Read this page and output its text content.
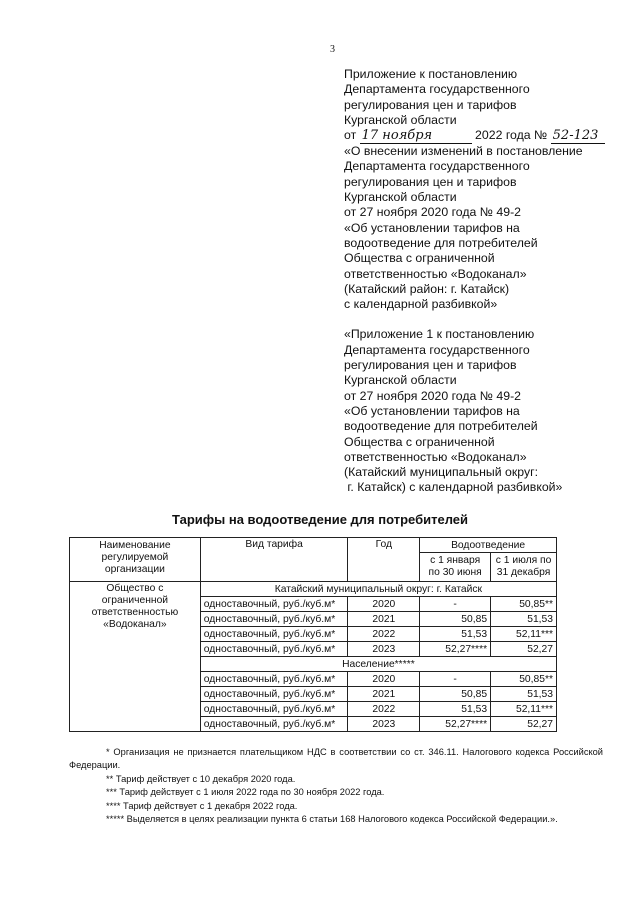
3
Приложение к постановлению
Департамента государственного
регулирования цен и тарифов
Курганской области
от 17 ноября	2022 года № 52-123
«О внесении изменений в постановление
Департамента государственного
регулирования цен и тарифов
Курганской области
от 27 ноября 2020 года № 49-2
«Об установлении тарифов на
водоотведение для потребителей
Общества с ограниченной
ответственностью «Водоканал»
(Катайский район: г. Катайск)
с календарной разбивкой»
«Приложение 1 к постановлению
Департамента государственного
регулирования цен и тарифов
Курганской области
от 27 ноября 2020 года № 49-2
«Об установлении тарифов на
водоотведение для потребителей
Общества с ограниченной
ответственностью «Водоканал»
(Катайский муниципальный округ:
г. Катайск) с календарной разбивкой»
Тарифы на водоотведение для потребителей
Наименование регулируемой организации	Вид тарифа	Год	Водоотведение	
			с 1 января по 30 июня	с 1 июля по 31 декабря
Общество с ограниченной ответственностью «Водоканал»	Катайский муниципальный округ: г. Катайск			
	одноставочный, руб./куб.м*	2020	-	50,85**
	одноставочный, руб./куб.м*	2021	50,85	51,53
	одноставочный, руб./куб.м*	2022	51,53	52,11***
	одноставочный, руб./куб.м*	2023	52,27****	52,27
	Население*****			
	одноставочный, руб./куб.м*	2020	-	50,85**
	одноставочный, руб./куб.м*	2021	50,85	51,53
	одноставочный, руб./куб.м*	2022	51,53	52,11***
	одноставочный, руб./куб.м*	2023	52,27****	52,27

* Организация не признается плательщиком НДС в соответствии со ст. 346.11. Налогового кодекса Российской Федерации.

** Тариф действует с 10 декабря 2020 года.

*** Тариф действует с 1 июля 2022 года по 30 ноября 2022 года.

**** Тариф действует с 1 декабря 2022 года.

***** Выделяется в целях реализации пункта 6 статьи 168 Налогового кодекса Российской Федерации.».
